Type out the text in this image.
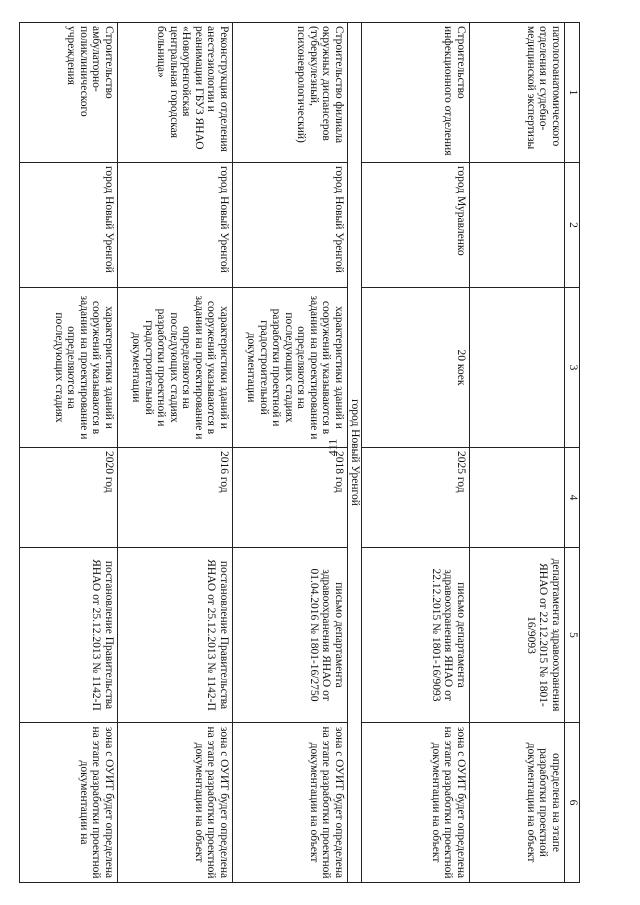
411
1	2	3	4	5	6
патологоанатомического отделения и судебно-медицинской экспертизы				департамента здравоохранения ЯНАО от 22.12.2015 № 1801-16/9093	определена на этапе разработки проектной документации на объект
Строительство инфекционного отделения	город Муравленко	20 коек	2025 год	письмо департамента здравоохранения ЯНАО от 22.12.2015 № 1801-16/9093	зона с ОУИТ будет определена на этапе разработки проектной документации на объект
город Новый Уренгой					
Строительство филиала окружных диспансеров (туберкулезный, психоневрологический)	город Новый Уренгой	характеристики зданий и сооружений указываются в задании на проектирование и определяются на последующих стадиях разработки проектной и градостроительной документации	2018 год	письмо департамента здравоохранения ЯНАО от 01.04.2016 № 1801-16/2750	зона с ОУИТ будет определена на этапе разработки проектной документации на объект
Реконструкция отделения анестезиологии и реанимации ГБУЗ ЯНАО «Новоуренгойская центральная городская больница»	город Новый Уренгой	характеристики зданий и сооружений указываются в задании на проектирование и определяются на последующих стадиях разработки проектной и градостроительной документации	2016 год	постановление Правительства ЯНАО от 25.12.2013 № 1142-П	зона с ОУИТ будет определена на этапе разработки проектной документации на объект
Строительство амбулаторно-поликлинического учреждения	город Новый Уренгой	характеристики зданий и сооружений указываются в задании на проектирование и определяются на последующих стадиях	2020 год	постановление Правительства ЯНАО от 25.12.2013 № 1142-П	зона с ОУИТ будет определена на этапе разработки проектной документации на
